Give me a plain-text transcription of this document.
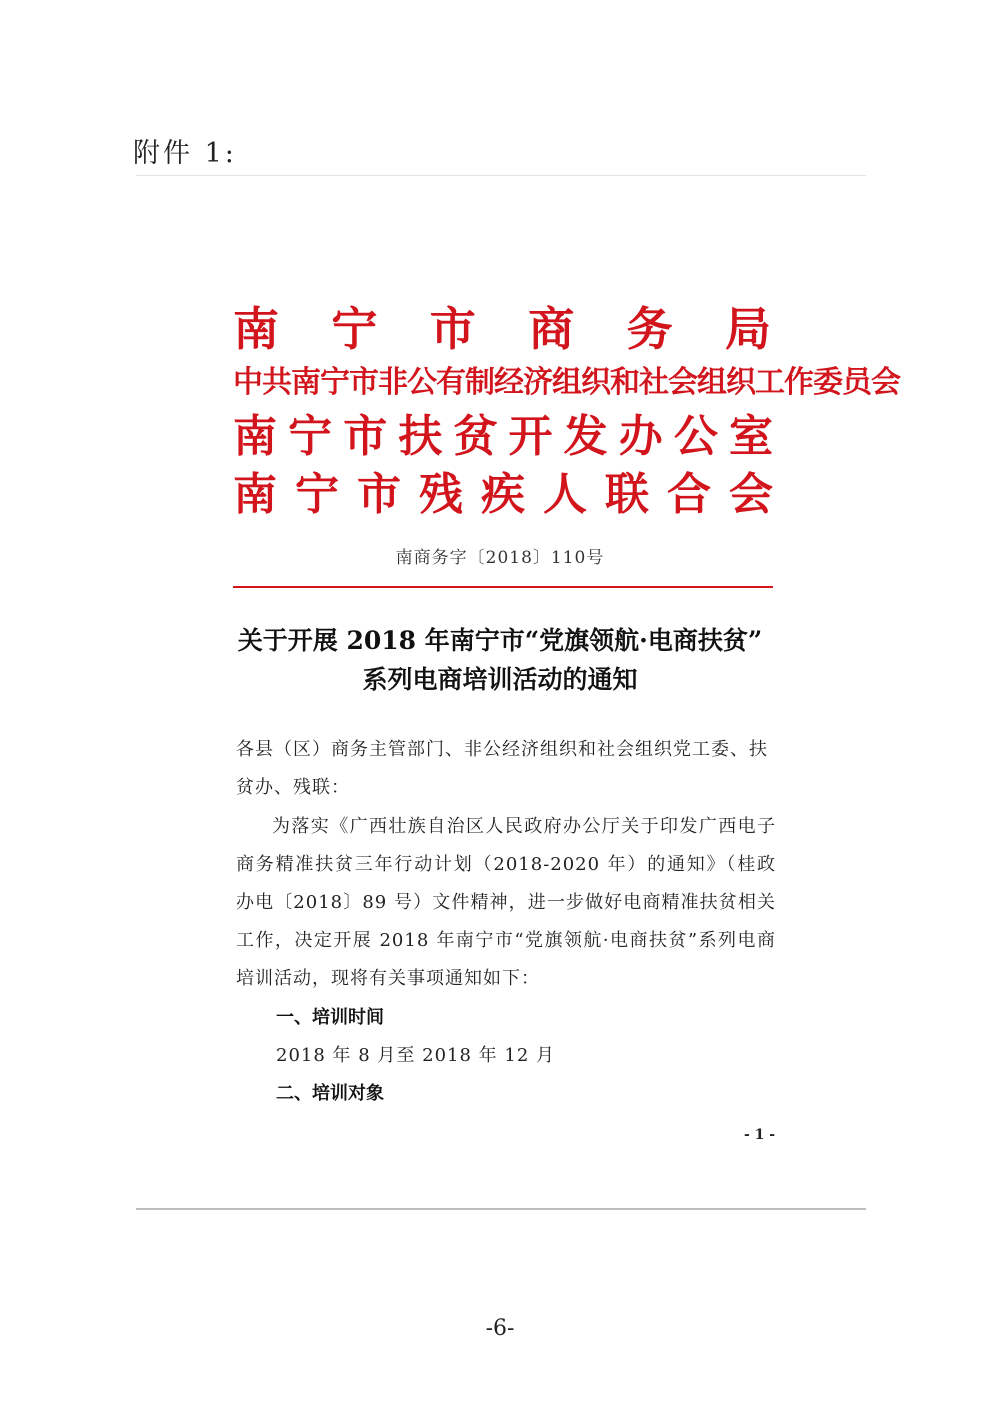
附件 1:
南 宁 市 商 务 局
中共南宁市非公有制经济组织和社会组织工作委员会
南宁市扶贫开发办公室
南 宁 市 残 疾 人 联 合 会
南商务字〔2018〕110号
关于开展 2018 年南宁市“党旗领航·电商扶贫”
系列电商培训活动的通知
各县（区）商务主管部门、非公经济组织和社会组织党工委、扶贫办、残联：
为落实《广西壮族自治区人民政府办公厅关于印发广西电子商务精准扶贫三年行动计划（2018-2020 年）的通知》（桂政办电〔2018〕89 号）文件精神，进一步做好电商精准扶贫相关工作，决定开展 2018 年南宁市“党旗领航·电商扶贫”系列电商培训活动，现将有关事项通知如下：
一、培训时间
2018 年 8 月至 2018 年 12 月
二、培训对象
- 1 -
-6-
